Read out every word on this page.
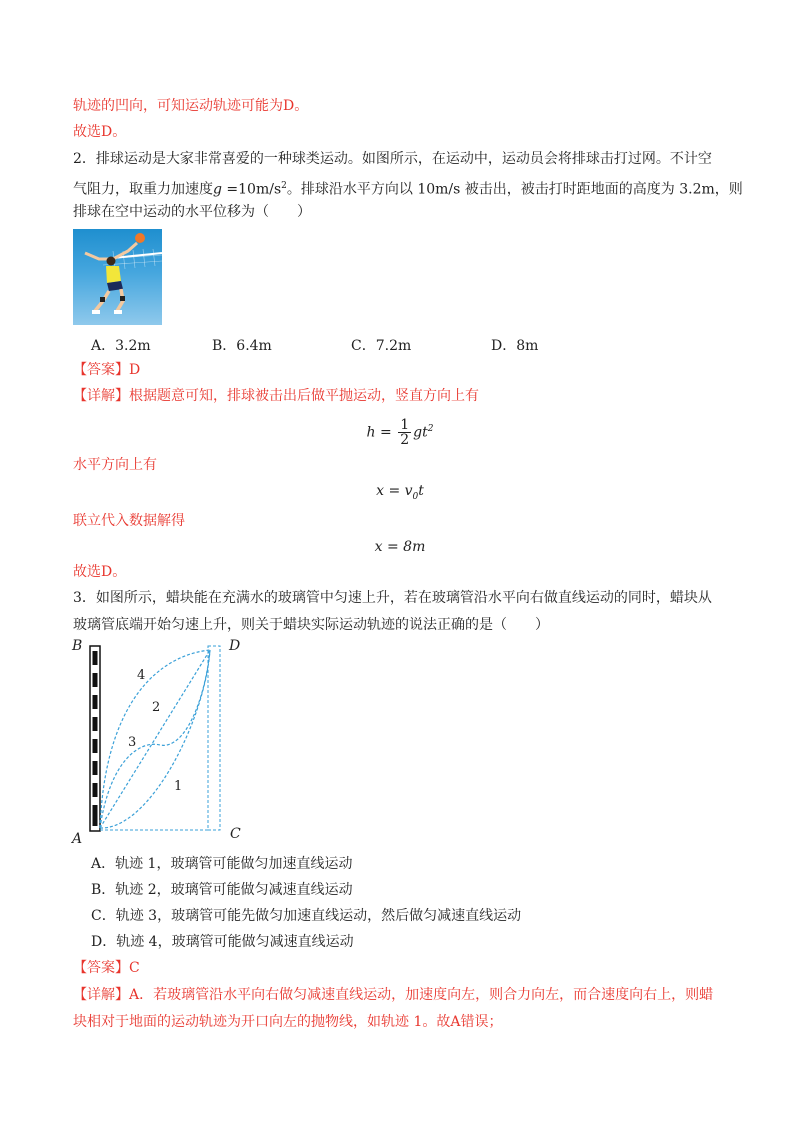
轨迹的凹向，可知运动轨迹可能为D。
故选D。
2．排球运动是大家非常喜爱的一种球类运动。如图所示，在运动中，运动员会将排球击打过网。不计空
气阻力，取重力加速度$g =10m/s^2$。排球沿水平方向以 10m/s 被击出，被击打时距地面的高度为 3.2m，则
排球在空中运动的水平位移为（　　）
A．3.2m	B．6.4m	C．7.2m	D．8m
【答案】D
【详解】根据题意可知，排球被击出后做平抛运动，竖直方向上有
$h = \frac{1}{2} gt^2$
水平方向上有
$x = v_0t$
联立代入数据解得
x = 8m
故选D。
3．如图所示，蜡块能在充满水的玻璃管中匀速上升，若在玻璃管沿水平向右做直线运动的同时，蜡块从
玻璃管底端开始匀速上升，则关于蜡块实际运动轨迹的说法正确的是（　　）
B	D
A	C
4
2
3
1
A．轨迹 1，玻璃管可能做匀加速直线运动
B．轨迹 2，玻璃管可能做匀减速直线运动
C．轨迹 3，玻璃管可能先做匀加速直线运动，然后做匀减速直线运动
D．轨迹 4，玻璃管可能做匀减速直线运动
【答案】C
【详解】A．若玻璃管沿水平向右做匀减速直线运动，加速度向左，则合力向左，而合速度向右上，则蜡
块相对于地面的运动轨迹为开口向左的抛物线，如轨迹 1。故A错误；
